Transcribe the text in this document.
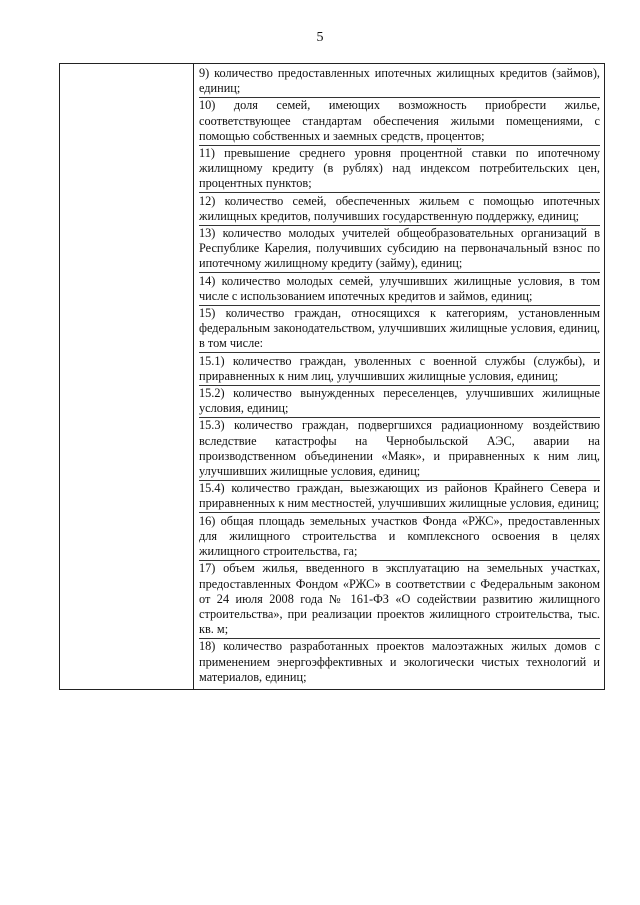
5

9) количество предоставленных ипотечных жилищных кредитов (займов), единиц;
10) доля семей, имеющих возможность приобрести жилье, соответствующее стандартам обеспечения жилыми помещениями, с помощью собственных и заемных средств, процентов;
11) превышение среднего уровня процентной ставки по ипотечному жилищному кредиту (в рублях) над индексом потребительских цен, процентных пунктов;
12) количество семей, обеспеченных жильем с помощью ипотечных жилищных кредитов, получивших государственную поддержку, единиц;
13) количество молодых учителей общеобразовательных организаций в Республике Карелия, получивших субсидию на первоначальный взнос по ипотечному жилищному кредиту (займу), единиц;
14) количество молодых семей, улучшивших жилищные условия, в том числе с использованием ипотечных кредитов и займов, единиц;
15) количество граждан, относящихся к категориям, установленным федеральным законодательством, улучшивших жилищные условия, единиц, в том числе:
15.1) количество граждан, уволенных с военной службы (службы), и приравненных к ним лиц, улучшивших жилищные условия, единиц;
15.2) количество вынужденных переселенцев, улучшивших жилищные условия, единиц;
15.3) количество граждан, подвергшихся радиационному воздействию вследствие катастрофы на Чернобыльской АЭС, аварии на производственном объединении «Маяк», и приравненных к ним лиц, улучшивших жилищные условия, единиц;
15.4) количество граждан, выезжающих из районов Крайнего Севера и приравненных к ним местностей, улучшивших жилищные условия, единиц;
16) общая площадь земельных участков Фонда «РЖС», предоставленных для жилищного строительства и комплексного освоения в целях жилищного строительства, га;
17) объем жилья, введенного в эксплуатацию на земельных участках, предоставленных Фондом «РЖС» в соответствии с Федеральным законом от 24 июля 2008 года № 161-ФЗ «О содействии развитию жилищного строительства», при реализации проектов жилищного строительства, тыс. кв. м;
18) количество разработанных проектов малоэтажных жилых домов с применением энергоэффективных и экологически чистых технологий и материалов, единиц;
